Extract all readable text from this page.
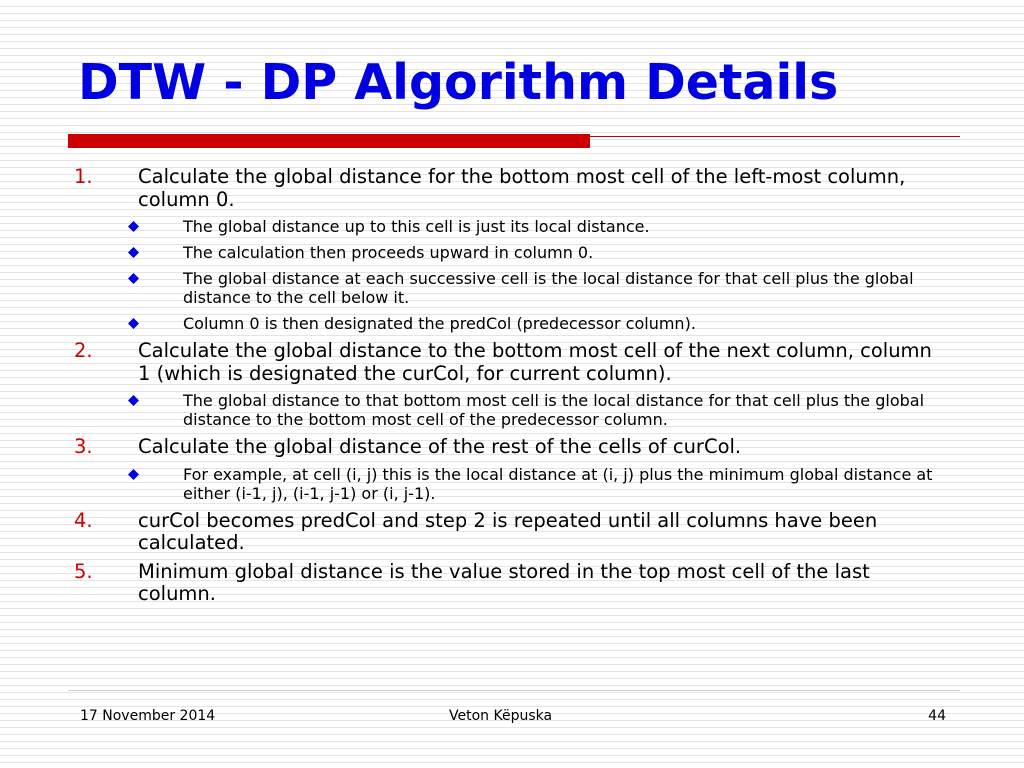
DTW - DP Algorithm Details
1. Calculate the global distance for the bottom most cell of the left-most column, column 0.
The global distance up to this cell is just its local distance.
The calculation then proceeds upward in column 0.
The global distance at each successive cell is the local distance for that cell plus the global distance to the cell below it.
Column 0 is then designated the predCol (predecessor column).
2. Calculate the global distance to the bottom most cell of the next column, column 1 (which is designated the curCol, for current column).
The global distance to that bottom most cell is the local distance for that cell plus the global distance to the bottom most cell of the predecessor column.
3. Calculate the global distance of the rest of the cells of curCol.
For example, at cell (i, j) this is the local distance at (i, j) plus the minimum global distance at either (i-1, j), (i-1, j-1) or (i, j-1).
4. curCol becomes predCol and step 2 is repeated until all columns have been calculated.
5. Minimum global distance is the value stored in the top most cell of the last column.
17 November 2014	Veton Këpuska	44
